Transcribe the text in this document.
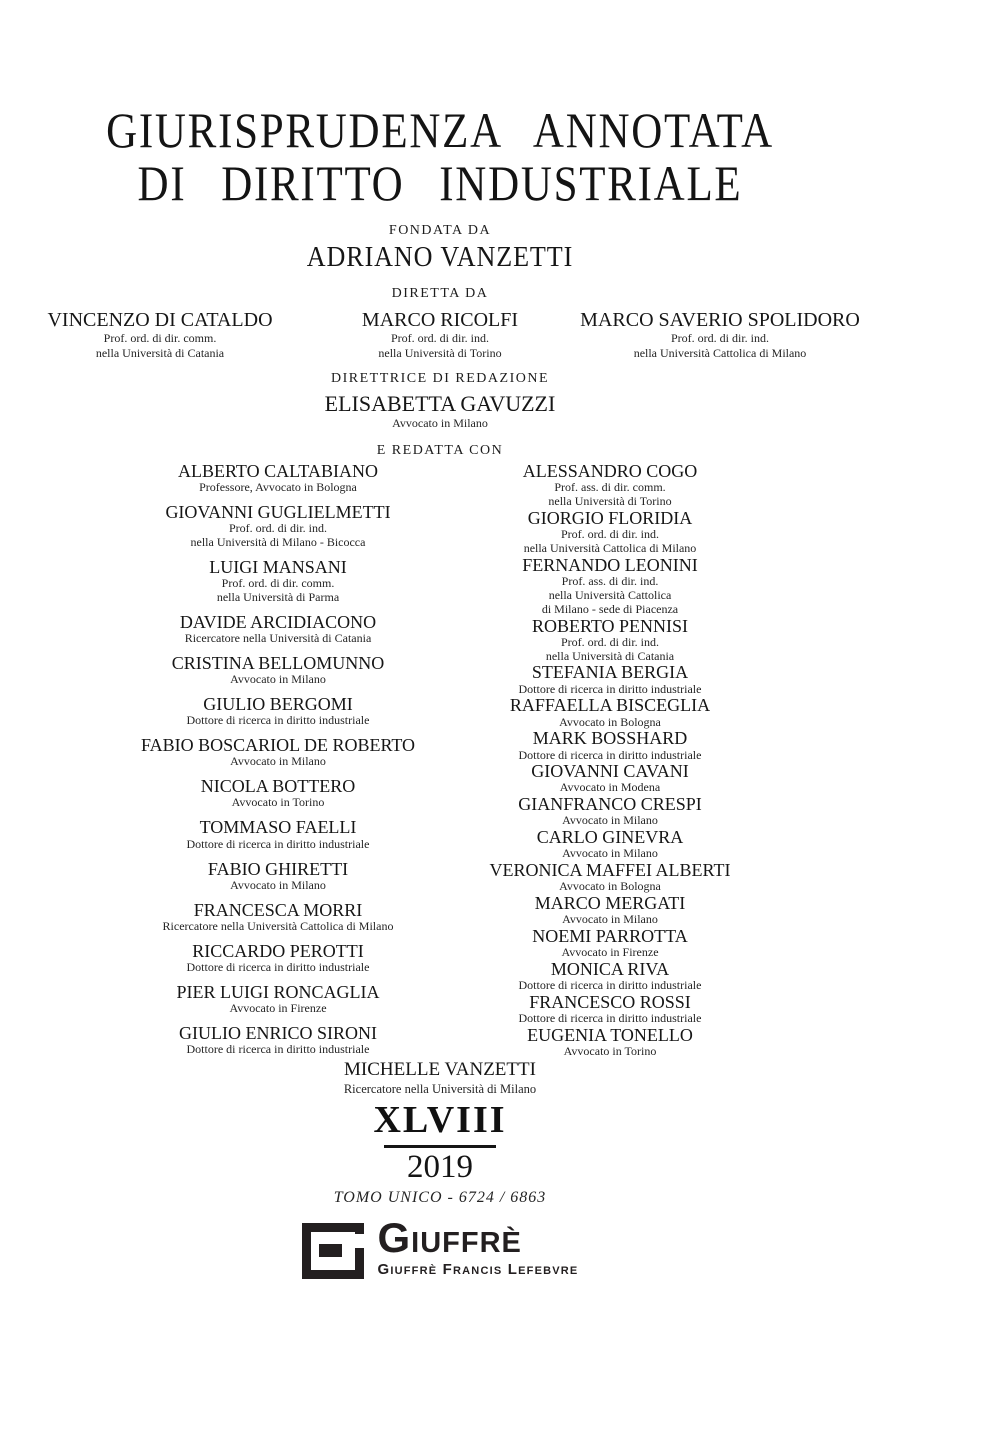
GIURISPRUDENZA ANNOTATA
DI DIRITTO INDUSTRIALE
FONDATA DA
ADRIANO VANZETTI
DIRETTA DA
VINCENZO DI CATALDO
Prof. ord. di dir. comm.
nella Università di Catania
MARCO RICOLFI
Prof. ord. di dir. ind.
nella Università di Torino
MARCO SAVERIO SPOLIDORO
Prof. ord. di dir. ind.
nella Università Cattolica di Milano
DIRETTRICE DI REDAZIONE
ELISABETTA GAVUZZI
Avvocato in Milano
E REDATTA CON
ALBERTO CALTABIANO
Professore, Avvocato in Bologna
GIOVANNI GUGLIELMETTI
Prof. ord. di dir. ind.
nella Università di Milano - Bicocca
LUIGI MANSANI
Prof. ord. di dir. comm.
nella Università di Parma
DAVIDE ARCIDIACONO
Ricercatore nella Università di Catania
CRISTINA BELLOMUNNO
Avvocato in Milano
GIULIO BERGOMI
Dottore di ricerca in diritto industriale
FABIO BOSCARIOL DE ROBERTO
Avvocato in Milano
NICOLA BOTTERO
Avvocato in Torino
TOMMASO FAELLI
Dottore di ricerca in diritto industriale
FABIO GHIRETTI
Avvocato in Milano
FRANCESCA MORRI
Ricercatore nella Università Cattolica di Milano
RICCARDO PEROTTI
Dottore di ricerca in diritto industriale
PIER LUIGI RONCAGLIA
Avvocato in Firenze
GIULIO ENRICO SIRONI
Dottore di ricerca in diritto industriale
ALESSANDRO COGO
Prof. ass. di dir. comm.
nella Università di Torino
GIORGIO FLORIDIA
Prof. ord. di dir. ind.
nella Università Cattolica di Milano
FERNANDO LEONINI
Prof. ass. di dir. ind.
nella Università Cattolica
di Milano - sede di Piacenza
ROBERTO PENNISI
Prof. ord. di dir. ind.
nella Università di Catania
STEFANIA BERGIA
Dottore di ricerca in diritto industriale
RAFFAELLA BISCEGLIA
Avvocato in Bologna
MARK BOSSHARD
Dottore di ricerca in diritto industriale
GIOVANNI CAVANI
Avvocato in Modena
GIANFRANCO CRESPI
Avvocato in Milano
CARLO GINEVRA
Avvocato in Milano
VERONICA MAFFEI ALBERTI
Avvocato in Bologna
MARCO MERGATI
Avvocato in Milano
NOEMI PARROTTA
Avvocato in Firenze
MONICA RIVA
Dottore di ricerca in diritto industriale
FRANCESCO ROSSI
Dottore di ricerca in diritto industriale
EUGENIA TONELLO
Avvocato in Torino
MICHELLE VANZETTI
Ricercatore nella Università di Milano
XLVIII
2019
TOMO UNICO - 6724 / 6863
Giuffrè
Giuffrè Francis Lefebvre
